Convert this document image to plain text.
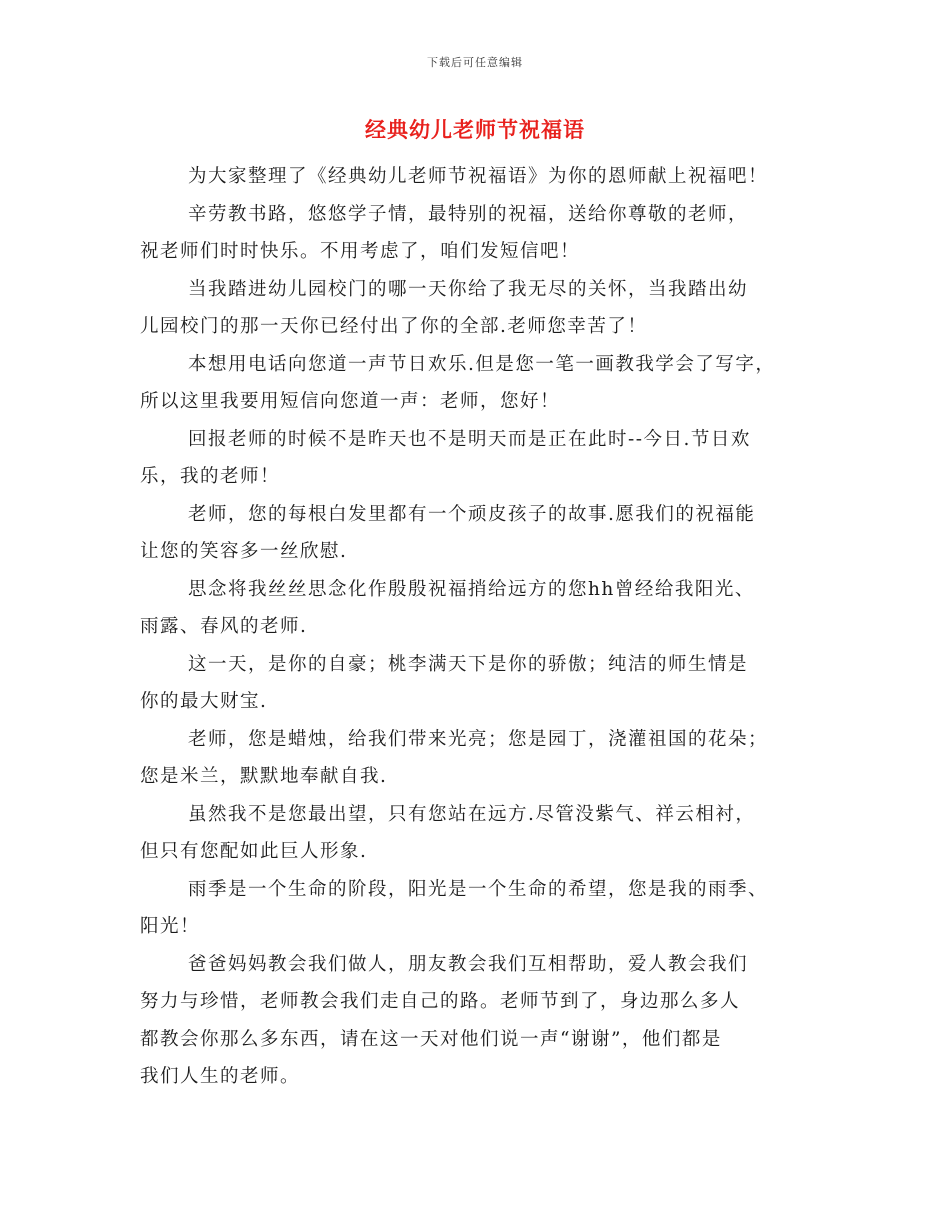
下载后可任意编辑
经典幼儿老师节祝福语

为大家整理了《经典幼儿老师节祝福语》为你的恩师献上祝福吧！

辛劳教书路，悠悠学子情，最特别的祝福，送给你尊敬的老师，
祝老师们时时快乐。不用考虑了，咱们发短信吧！

当我踏进幼儿园校门的哪一天你给了我无尽的关怀，当我踏出幼
儿园校门的那一天你已经付出了你的全部.老师您幸苦了！

本想用电话向您道一声节日欢乐.但是您一笔一画教我学会了写字，
所以这里我要用短信向您道一声：老师，您好！

回报老师的时候不是昨天也不是明天而是正在此时--今日.节日欢
乐，我的老师！

老师，您的每根白发里都有一个顽皮孩子的故事.愿我们的祝福能
让您的笑容多一丝欣慰.

思念将我丝丝思念化作殷殷祝福捎给远方的您hh曾经给我阳光、
雨露、春风的老师.

这一天，是你的自豪；桃李满天下是你的骄傲；纯洁的师生情是
你的最大财宝.

老师，您是蜡烛，给我们带来光亮；您是园丁，浇灌祖国的花朵；
您是米兰，默默地奉献自我.

虽然我不是您最出望，只有您站在远方.尽管没紫气、祥云相衬，
但只有您配如此巨人形象.

雨季是一个生命的阶段，阳光是一个生命的希望，您是我的雨季、
阳光！

爸爸妈妈教会我们做人，朋友教会我们互相帮助，爱人教会我们
努力与珍惜，老师教会我们走自己的路。老师节到了，身边那么多人
都教会你那么多东西，请在这一天对他们说一声“谢谢”，他们都是
我们人生的老师。
